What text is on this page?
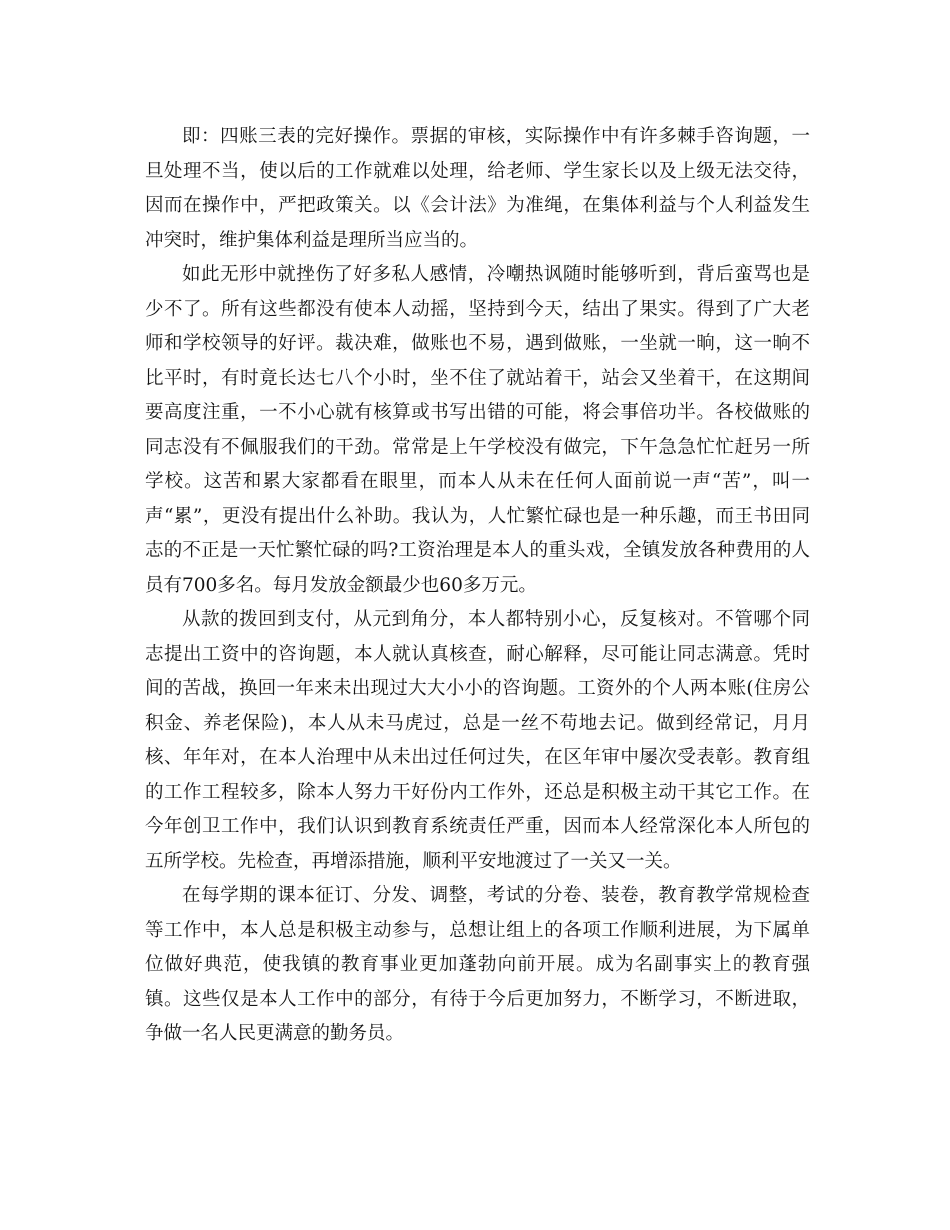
即：四账三表的完好操作。票据的审核，实际操作中有许多棘手咨询题，一旦处理不当，使以后的工作就难以处理，给老师、学生家长以及上级无法交待，因而在操作中，严把政策关。以《会计法》为准绳，在集体利益与个人利益发生冲突时，维护集体利益是理所当应当的。

如此无形中就挫伤了好多私人感情，冷嘲热讽随时能够听到，背后蛮骂也是少不了。所有这些都没有使本人动摇，坚持到今天，结出了果实。得到了广大老师和学校领导的好评。裁决难，做账也不易，遇到做账，一坐就一晌，这一晌不比平时，有时竟长达七八个小时，坐不住了就站着干，站会又坐着干，在这期间要高度注重，一不小心就有核算或书写出错的可能，将会事倍功半。各校做账的同志没有不佩服我们的干劲。常常是上午学校没有做完，下午急急忙忙赶另一所学校。这苦和累大家都看在眼里，而本人从未在任何人面前说一声“苦”，叫一声“累”，更没有提出什么补助。我认为，人忙繁忙碌也是一种乐趣，而王书田同志的不正是一天忙繁忙碌的吗?工资治理是本人的重头戏，全镇发放各种费用的人员有700多名。每月发放金额最少也60多万元。

从款的拨回到支付，从元到角分，本人都特别小心，反复核对。不管哪个同志提出工资中的咨询题，本人就认真核查，耐心解释，尽可能让同志满意。凭时间的苦战，换回一年来未出现过大大小小的咨询题。工资外的个人两本账(住房公积金、养老保险)，本人从未马虎过，总是一丝不苟地去记。做到经常记，月月核、年年对，在本人治理中从未出过任何过失，在区年审中屡次受表彰。教育组的工作工程较多，除本人努力干好份内工作外，还总是积极主动干其它工作。在今年创卫工作中，我们认识到教育系统责任严重，因而本人经常深化本人所包的五所学校。先检查，再增添措施，顺利平安地渡过了一关又一关。

在每学期的课本征订、分发、调整，考试的分卷、装卷，教育教学常规检查等工作中，本人总是积极主动参与，总想让组上的各项工作顺利进展，为下属单位做好典范，使我镇的教育事业更加蓬勃向前开展。成为名副事实上的教育强镇。这些仅是本人工作中的部分，有待于今后更加努力，不断学习，不断进取，争做一名人民更满意的勤务员。
